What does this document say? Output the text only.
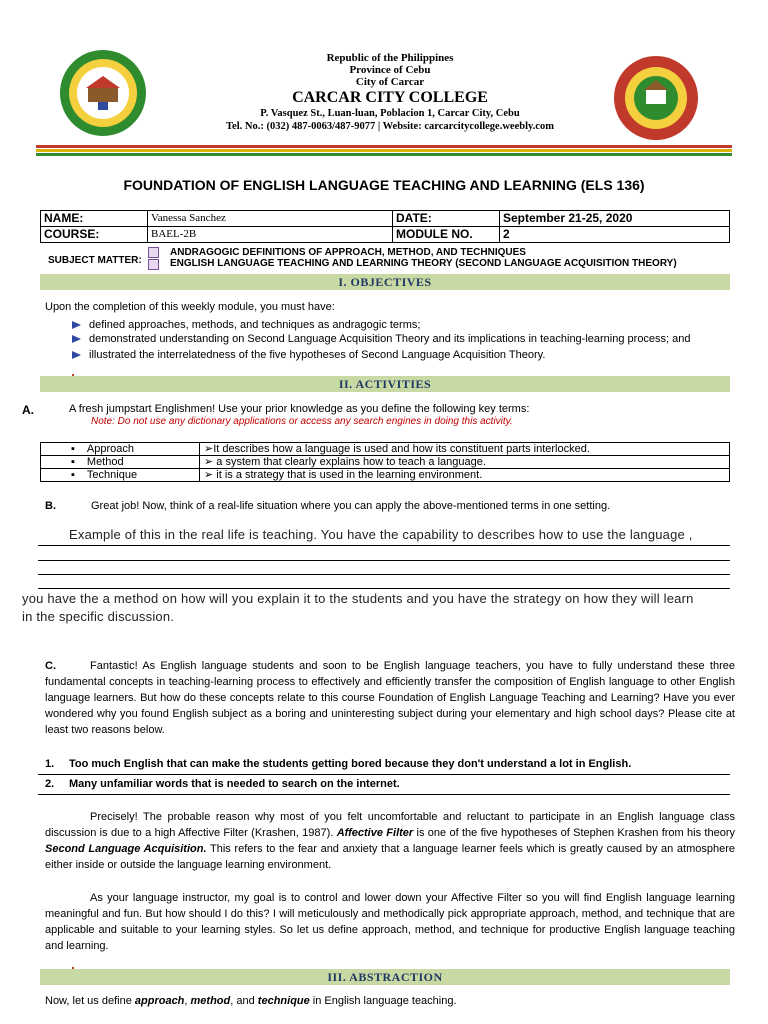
Republic of the Philippines
Province of Cebu
City of Carcar
CARCAR CITY COLLEGE
P. Vasquez St., Luan-luan, Poblacion 1, Carcar City, Cebu
Tel. No.: (032) 487-0063/487-9077 | Website: carcarcitycollege.weebly.com
FOUNDATION OF ENGLISH LANGUAGE TEACHING AND LEARNING (ELS 136)
NAME:	Vanessa Sanchez	DATE:	September 21-25, 2020
COURSE:	BAEL-2B	MODULE NO.	2
SUBJECT MATTER:
ANDRAGOGIC DEFINITIONS OF APPROACH, METHOD, AND TECHNIQUES
ENGLISH LANGUAGE TEACHING AND LEARNING THEORY (SECOND LANGUAGE ACQUISITION THEORY)
I. OBJECTIVES
Upon the completion of this weekly module, you must have:
defined approaches, methods, and techniques as andragogic terms;
demonstrated understanding on Second Language Acquisition Theory and its implications in teaching-learning process; and
illustrated the interrelatedness of the five hypotheses of Second Language Acquisition Theory.
II. ACTIVITIES
A.	A fresh jumpstart Englishmen! Use your prior knowledge as you define the following key terms:
Note: Do not use any dictionary applications or access any search engines in doing this activity.
▪ Approach	➢It describes how a language is used and how its constituent parts interlocked.
▪ Method	➢ a system that clearly explains how to teach a language.
▪ Technique	➢ it is a strategy that is used in the learning environment.
B.	Great job! Now, think of a real-life situation where you can apply the above-mentioned terms in one setting.
Example of this in the real life is teaching. You have the capability to describes how to use the language ,
you have the a method on how will you explain it to the students and you have the strategy on how they will learn
in the specific discussion.
C.	Fantastic! As English language students and soon to be English language teachers, you have to fully understand these three fundamental concepts in teaching-learning process to effectively and efficiently transfer the composition of English language to other English language learners. But how do these concepts relate to this course Foundation of English Language Teaching and Learning? Have you ever wondered why you found English subject as a boring and uninteresting subject during your elementary and high school days? Please cite at least two reasons below.
1. Too much English that can make the students getting bored because they don't understand a lot in English.
2. Many unfamiliar words that is needed to search on the internet.
Precisely! The probable reason why most of you felt uncomfortable and reluctant to participate in an English language class discussion is due to a high Affective Filter (Krashen, 1987). Affective Filter is one of the five hypotheses of Stephen Krashen from his theory Second Language Acquisition. This refers to the fear and anxiety that a language learner feels which is greatly caused by an atmosphere either inside or outside the language learning environment.
As your language instructor, my goal is to control and lower down your Affective Filter so you will find English language learning meaningful and fun. But how should I do this? I will meticulously and methodically pick appropriate approach, method, and technique that are applicable and suitable to your learning styles. So let us define approach, method, and technique for productive English language teaching and learning.
III. ABSTRACTION
Now, let us define approach, method, and technique in English language teaching.
